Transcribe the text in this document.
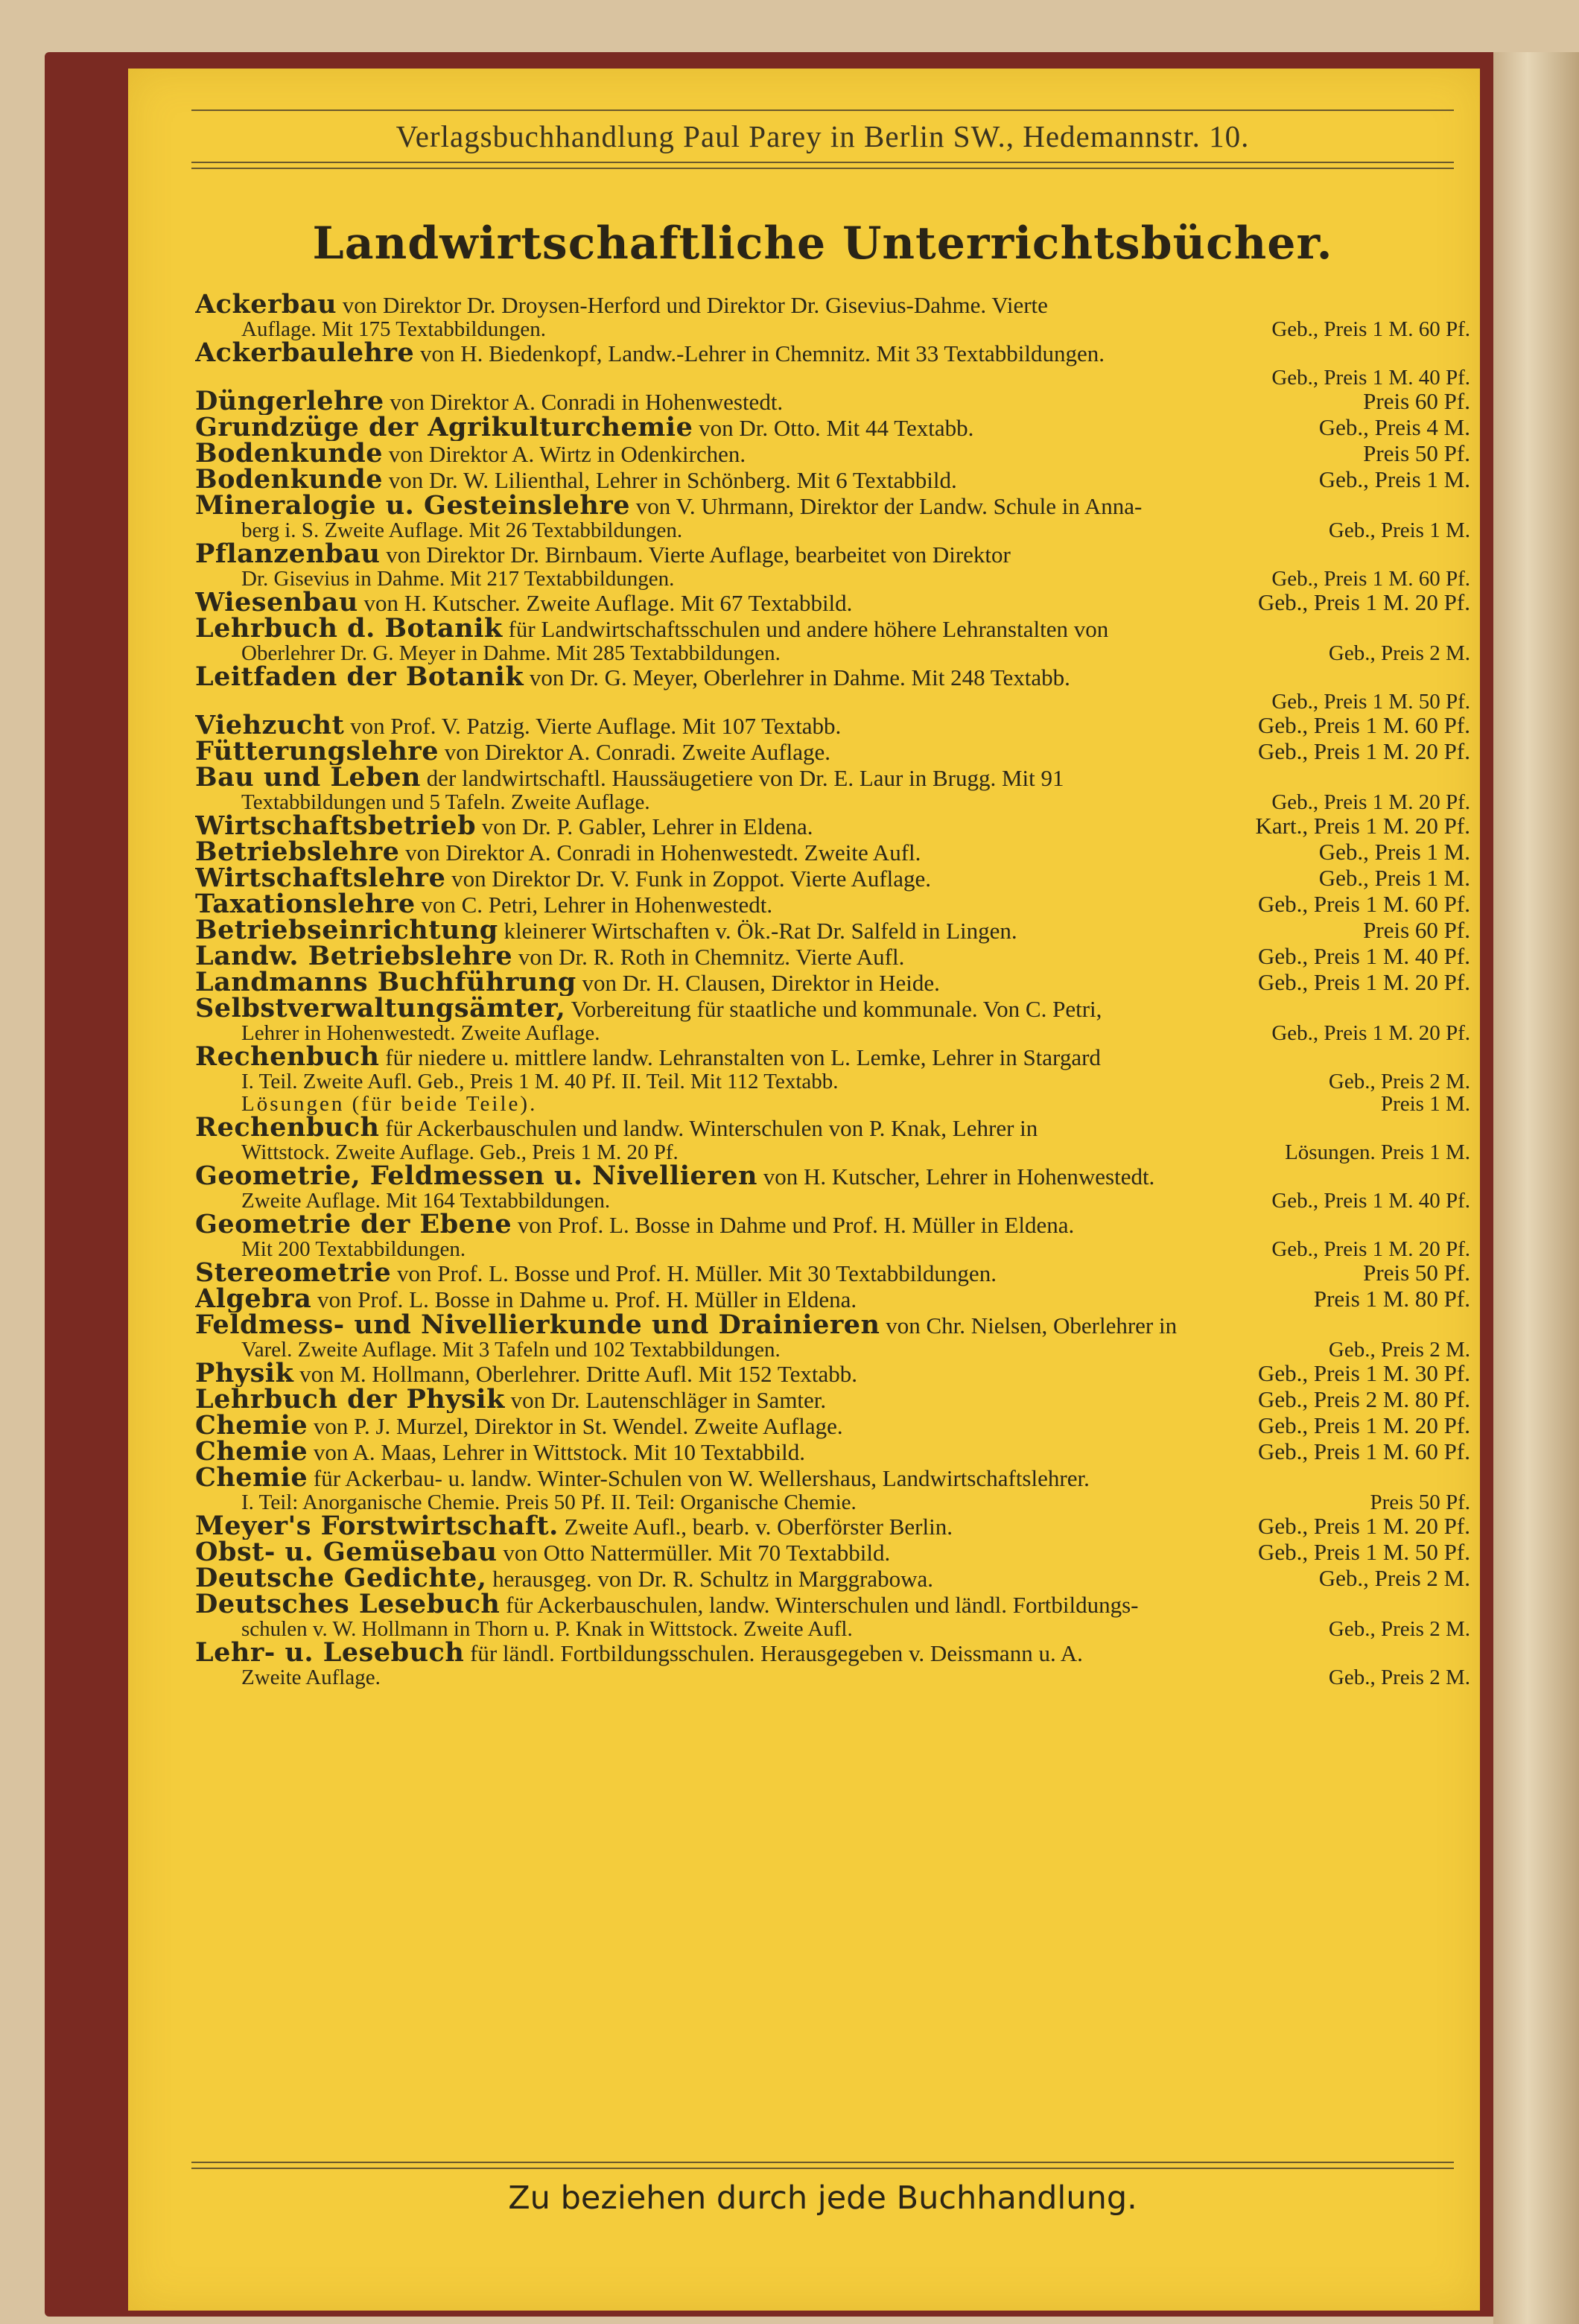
Verlagsbuchhandlung Paul Parey in Berlin SW., Hedemannstr. 10.
Landwirtschaftliche Unterrichtsbücher.
Ackerbau von Direktor Dr. Droysen-Herford und Direktor Dr. Gisevius-Dahme. Vierte
Auflage. Mit 175 Textabbildungen.	Geb., Preis 1 M. 60 Pf.
Ackerbaulehre von H. Biedenkopf, Landw.-Lehrer in Chemnitz. Mit 33 Textabbildungen.
Geb., Preis 1 M. 40 Pf.
Düngerlehre von Direktor A. Conradi in Hohenwestedt.	Preis 60 Pf.
Grundzüge der Agrikulturchemie von Dr. Otto. Mit 44 Textabb.	Geb., Preis 4 M.
Bodenkunde von Direktor A. Wirtz in Odenkirchen.	Preis 50 Pf.
Bodenkunde von Dr. W. Lilienthal, Lehrer in Schönberg. Mit 6 Textabbild.	Geb., Preis 1 M.
Mineralogie u. Gesteinslehre von V. Uhrmann, Direktor der Landw. Schule in Anna-
berg i. S. Zweite Auflage. Mit 26 Textabbildungen.	Geb., Preis 1 M.
Pflanzenbau von Direktor Dr. Birnbaum. Vierte Auflage, bearbeitet von Direktor
Dr. Gisevius in Dahme. Mit 217 Textabbildungen.	Geb., Preis 1 M. 60 Pf.
Wiesenbau von H. Kutscher. Zweite Auflage. Mit 67 Textabbild.	Geb., Preis 1 M. 20 Pf.
Lehrbuch d. Botanik für Landwirtschaftsschulen und andere höhere Lehranstalten von
Oberlehrer Dr. G. Meyer in Dahme. Mit 285 Textabbildungen.	Geb., Preis 2 M.
Leitfaden der Botanik von Dr. G. Meyer, Oberlehrer in Dahme. Mit 248 Textabb.
Geb., Preis 1 M. 50 Pf.
Viehzucht von Prof. V. Patzig. Vierte Auflage. Mit 107 Textabb.	Geb., Preis 1 M. 60 Pf.
Fütterungslehre von Direktor A. Conradi. Zweite Auflage.	Geb., Preis 1 M. 20 Pf.
Bau und Leben der landwirtschaftl. Haussäugetiere von Dr. E. Laur in Brugg. Mit 91
Textabbildungen und 5 Tafeln. Zweite Auflage.	Geb., Preis 1 M. 20 Pf.
Wirtschaftsbetrieb von Dr. P. Gabler, Lehrer in Eldena.	Kart., Preis 1 M. 20 Pf.
Betriebslehre von Direktor A. Conradi in Hohenwestedt. Zweite Aufl.	Geb., Preis 1 M.
Wirtschaftslehre von Direktor Dr. V. Funk in Zoppot. Vierte Auflage.	Geb., Preis 1 M.
Taxationslehre von C. Petri, Lehrer in Hohenwestedt.	Geb., Preis 1 M. 60 Pf.
Betriebseinrichtung kleinerer Wirtschaften v. Ök.-Rat Dr. Salfeld in Lingen.	Preis 60 Pf.
Landw. Betriebslehre von Dr. R. Roth in Chemnitz. Vierte Aufl.	Geb., Preis 1 M. 40 Pf.
Landmanns Buchführung von Dr. H. Clausen, Direktor in Heide.	Geb., Preis 1 M. 20 Pf.
Selbstverwaltungsämter, Vorbereitung für staatliche und kommunale. Von C. Petri,
Lehrer in Hohenwestedt. Zweite Auflage.	Geb., Preis 1 M. 20 Pf.
Rechenbuch für niedere u. mittlere landw. Lehranstalten von L. Lemke, Lehrer in Stargard
I. Teil. Zweite Aufl. Geb., Preis 1 M. 40 Pf. II. Teil. Mit 112 Textabb.	Geb., Preis 2 M.
Lösungen (für beide Teile).	Preis 1 M.
Rechenbuch für Ackerbauschulen und landw. Winterschulen von P. Knak, Lehrer in
Wittstock. Zweite Auflage. Geb., Preis 1 M. 20 Pf.	Lösungen. Preis 1 M.
Geometrie, Feldmessen u. Nivellieren von H. Kutscher, Lehrer in Hohenwestedt.
Zweite Auflage. Mit 164 Textabbildungen.	Geb., Preis 1 M. 40 Pf.
Geometrie der Ebene von Prof. L. Bosse in Dahme und Prof. H. Müller in Eldena.
Mit 200 Textabbildungen.	Geb., Preis 1 M. 20 Pf.
Stereometrie von Prof. L. Bosse und Prof. H. Müller. Mit 30 Textabbildungen.	Preis 50 Pf.
Algebra von Prof. L. Bosse in Dahme u. Prof. H. Müller in Eldena.	Preis 1 M. 80 Pf.
Feldmess- und Nivellierkunde und Drainieren von Chr. Nielsen, Oberlehrer in
Varel. Zweite Auflage. Mit 3 Tafeln und 102 Textabbildungen.	Geb., Preis 2 M.
Physik von M. Hollmann, Oberlehrer. Dritte Aufl. Mit 152 Textabb.	Geb., Preis 1 M. 30 Pf.
Lehrbuch der Physik von Dr. Lautenschläger in Samter.	Geb., Preis 2 M. 80 Pf.
Chemie von P. J. Murzel, Direktor in St. Wendel. Zweite Auflage.	Geb., Preis 1 M. 20 Pf.
Chemie von A. Maas, Lehrer in Wittstock. Mit 10 Textabbild.	Geb., Preis 1 M. 60 Pf.
Chemie für Ackerbau- u. landw. Winter-Schulen von W. Wellershaus, Landwirtschaftslehrer.
I. Teil: Anorganische Chemie. Preis 50 Pf. II. Teil: Organische Chemie.	Preis 50 Pf.
Meyer's Forstwirtschaft. Zweite Aufl., bearb. v. Oberförster Berlin.	Geb., Preis 1 M. 20 Pf.
Obst- u. Gemüsebau von Otto Nattermüller. Mit 70 Textabbild.	Geb., Preis 1 M. 50 Pf.
Deutsche Gedichte, herausgeg. von Dr. R. Schultz in Marggrabowa.	Geb., Preis 2 M.
Deutsches Lesebuch für Ackerbauschulen, landw. Winterschulen und ländl. Fortbildungs-
schulen v. W. Hollmann in Thorn u. P. Knak in Wittstock. Zweite Aufl.	Geb., Preis 2 M.
Lehr- u. Lesebuch für ländl. Fortbildungsschulen. Herausgegeben v. Deissmann u. A.
Zweite Auflage.	Geb., Preis 2 M.
Zu beziehen durch jede Buchhandlung.
